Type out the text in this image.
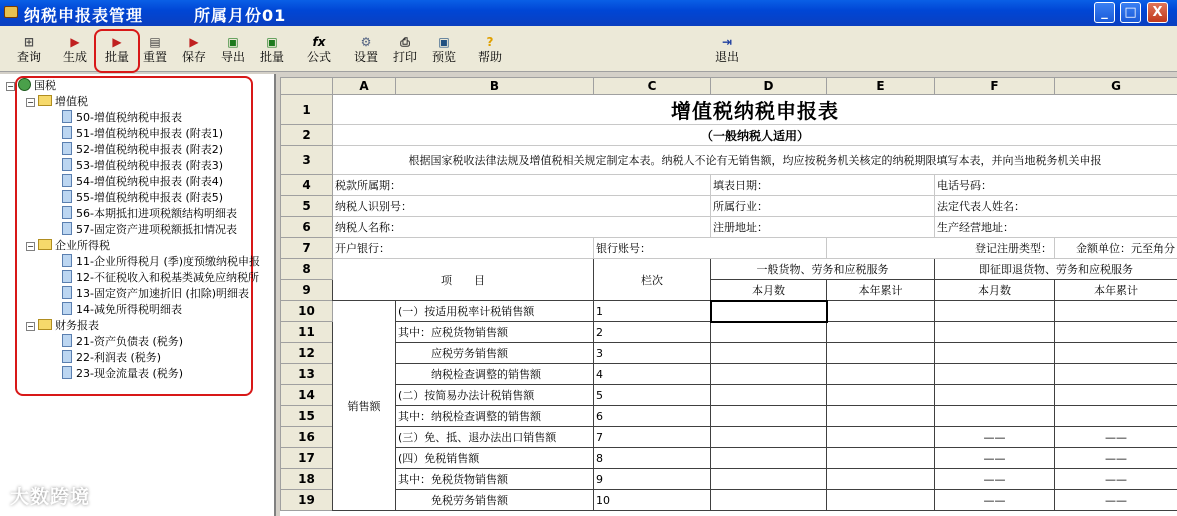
纳税申报表管理	所属月份01	_	□	X
⊞
查询
▶
生成
▶
批量
▤
重置
▶
保存
▣
导出
▣
批量
fx
公式
⚙
设置
⎙
打印
▣
预览
?
帮助
⇥
退出
− 国税
− 增值税
50-增值税纳税申报表
51-增值税纳税申报表 (附表1)
52-增值税纳税申报表 (附表2)
53-增值税纳税申报表 (附表3)
54-增值税纳税申报表 (附表4)
55-增值税纳税申报表 (附表5)
56-本期抵扣进项税额结构明细表
57-固定资产进项税额抵扣情况表
− 企业所得税
11-企业所得税月 (季)度预缴纳税申报
12-不征税收入和税基类减免应纳税所
13-固定资产加速折旧 (扣除)明细表
14-减免所得税明细表
− 财务报表
21-资产负债表 (税务)
22-利润表 (税务)
23-现金流量表 (税务)
	A	B	C	D	E	F	G
1	增值税纳税申报表						
2	（一般纳税人适用）						
3	根据国家税收法律法规及增值税相关规定制定本表。纳税人不论有无销售额，均应按税务机关核定的纳税期限填写本表，并向当地税务机关申报						
4	税款所属期：			填表日期：		电话号码：	
5	纳税人识别号：			所属行业：		法定代表人姓名：	
6	纳税人名称：			注册地址：		生产经营地址：	
7	开户银行：		银行账号：		登记注册类型：		金额单位：元至角分
8	项　　目		栏次	一般货物、劳务和应税服务		即征即退货物、劳务和应税服务	
9				本月数	本年累计	本月数	本年累计
10	销售额	(一）按适用税率计税销售额	1				
11		其中：应税货物销售额	2				
12		　　　应税劳务销售额	3				
13		　　　纳税检查调整的销售额	4				
14		(二）按简易办法计税销售额	5				
15		其中：纳税检查调整的销售额	6				
16		(三）免、抵、退办法出口销售额	7			——	——
17		(四）免税销售额	8			——	——
18		其中：免税货物销售额	9			——	——
19		　　　免税劳务销售额	10			——	——
大数跨境
